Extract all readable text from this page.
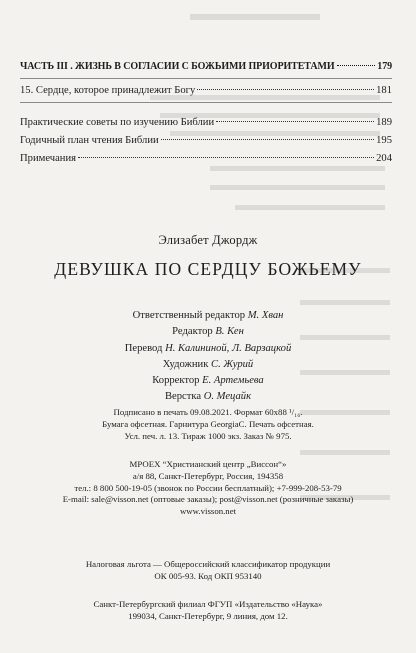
ЧАСТЬ III . ЖИЗНЬ В СОГЛАСИИ С БОЖЬИМИ ПРИОРИТЕТАМИ	179
15. Сердце, которое принадлежит Богу	181
Практические советы по изучению Библии	189
Годичный план чтения Библии	195
Примечания	204
Элизабет Джордж
ДЕВУШКА ПО СЕРДЦУ БОЖЬЕМУ
Ответственный редактор М. Хван
Редактор В. Кен
Перевод Н. Калининой, Л. Варзацкой
Художник С. Журий
Корректор Е. Артемьева
Верстка О. Мецайк
Подписано в печать 09.08.2021. Формат 60x88 ¹/₁₆.
Бумага офсетная. Гарнитура GeorgiaC. Печать офсетная.
Усл. печ. л. 13. Тираж 1000 экз. Заказ № 975.
МРОЕХ “Христианский центр „Виссон“»
а/я 88, Санкт-Петербург, Россия, 194358
тел.: 8 800 500-19-05 (звонок по России бесплатный); +7-999-208-53-79
E-mail: sale@visson.net (оптовые заказы); post@visson.net (розничные заказы)
www.visson.net
Налоговая льгота — Общероссийский классификатор продукции
ОК 005-93. Код ОКП 953140
Санкт-Петербургский филиал ФГУП «Издательство «Наука»
199034, Санкт-Петербург, 9 линия, дом 12.
